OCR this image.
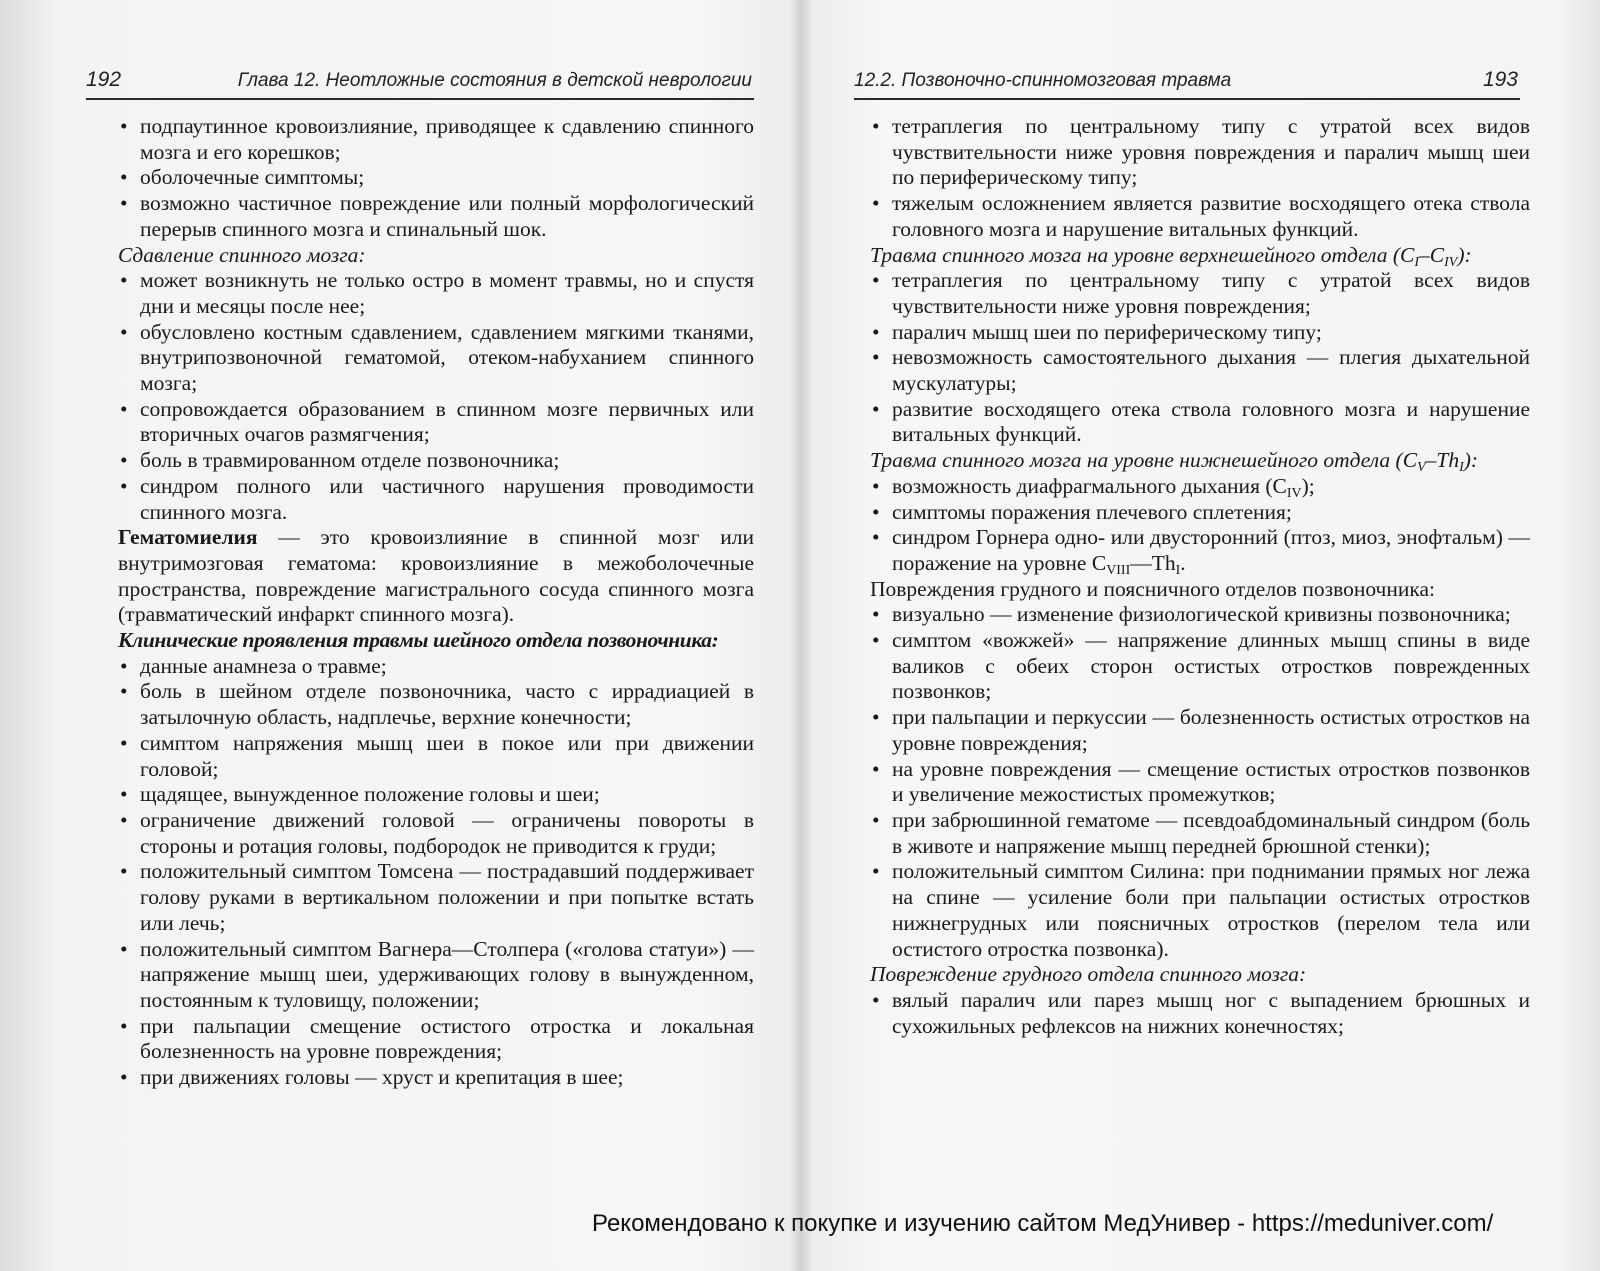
192	Глава 12. Неотложные состояния в детской неврологии
• подпаутинное кровоизлияние, приводящее к сдавлению спинного мозга и его корешков;
• оболочечные симптомы;
• возможно частичное повреждение или полный морфологический перерыв спинного мозга и спинальный шок.
Сдавление спинного мозга:
• может возникнуть не только остро в момент травмы, но и спустя дни и месяцы после нее;
• обусловлено костным сдавлением, сдавлением мягкими тканями, внутрипозвоночной гематомой, отеком-набуханием спинного мозга;
• сопровождается образованием в спинном мозге первичных или вторичных очагов размягчения;
• боль в травмированном отделе позвоночника;
• синдром полного или частичного нарушения проводимости спинного мозга.
Гематомиелия — это кровоизлияние в спинной мозг или внутримозговая гематома: кровоизлияние в межоболочечные пространства, повреждение магистрального сосуда спинного мозга (травматический инфаркт спинного мозга).
Клинические проявления травмы шейного отдела позвоночника:
• данные анамнеза о травме;
• боль в шейном отделе позвоночника, часто с иррадиацией в затылочную область, надплечье, верхние конечности;
• симптом напряжения мышц шеи в покое или при движении головой;
• щадящее, вынужденное положение головы и шеи;
• ограничение движений головой — ограничены повороты в стороны и ротация головы, подбородок не приводится к груди;
• положительный симптом Томсена — пострадавший поддерживает голову руками в вертикальном положении и при попытке встать или лечь;
• положительный симптом Вагнера—Столпера («голова статуи») — напряжение мышц шеи, удерживающих голову в вынужденном, постоянным к туловищу, положении;
• при пальпации смещение остистого отростка и локальная болезненность на уровне повреждения;
• при движениях головы — хруст и крепитация в шее;
12.2. Позвоночно-спинномозговая травма	193
• тетраплегия по центральному типу с утратой всех видов чувствительности ниже уровня повреждения и паралич мышц шеи по периферическому типу;
• тяжелым осложнением является развитие восходящего отека ствола головного мозга и нарушение витальных функций.
Травма спинного мозга на уровне верхнешейного отдела $(C_I-C_{IV})$:
• тетраплегия по центральному типу с утратой всех видов чувствительности ниже уровня повреждения;
• паралич мышц шеи по периферическому типу;
• невозможность самостоятельного дыхания — плегия дыхательной мускулатуры;
• развитие восходящего отека ствола головного мозга и нарушение витальных функций.
Травма спинного мозга на уровне нижнешейного отдела $(C_V-Th_I)$:
• возможность диафрагмального дыхания $(C_{IV})$;
• симптомы поражения плечевого сплетения;
• синдром Горнера одно- или двусторонний (птоз, миоз, энофтальм) — поражение на уровне $C_{VIII}—Th_I$.
Повреждения грудного и поясничного отделов позвоночника:
• визуально — изменение физиологической кривизны позвоночника;
• симптом «вожжей» — напряжение длинных мышц спины в виде валиков с обеих сторон остистых отростков поврежденных позвонков;
• при пальпации и перкуссии — болезненность остистых отростков на уровне повреждения;
• на уровне повреждения — смещение остистых отростков позвонков и увеличение межостистых промежутков;
• при забрюшинной гематоме — псевдоабдоминальный синдром (боль в животе и напряжение мышц передней брюшной стенки);
• положительный симптом Силина: при поднимании прямых ног лежа на спине — усиление боли при пальпации остистых отростков нижнегрудных или поясничных отростков (перелом тела или остистого отростка позвонка).
Повреждение грудного отдела спинного мозга:
• вялый паралич или парез мышц ног с выпадением брюшных и сухожильных рефлексов на нижних конечностях;
Рекомендовано к покупке и изучению сайтом МедУнивер - https://meduniver.com/
